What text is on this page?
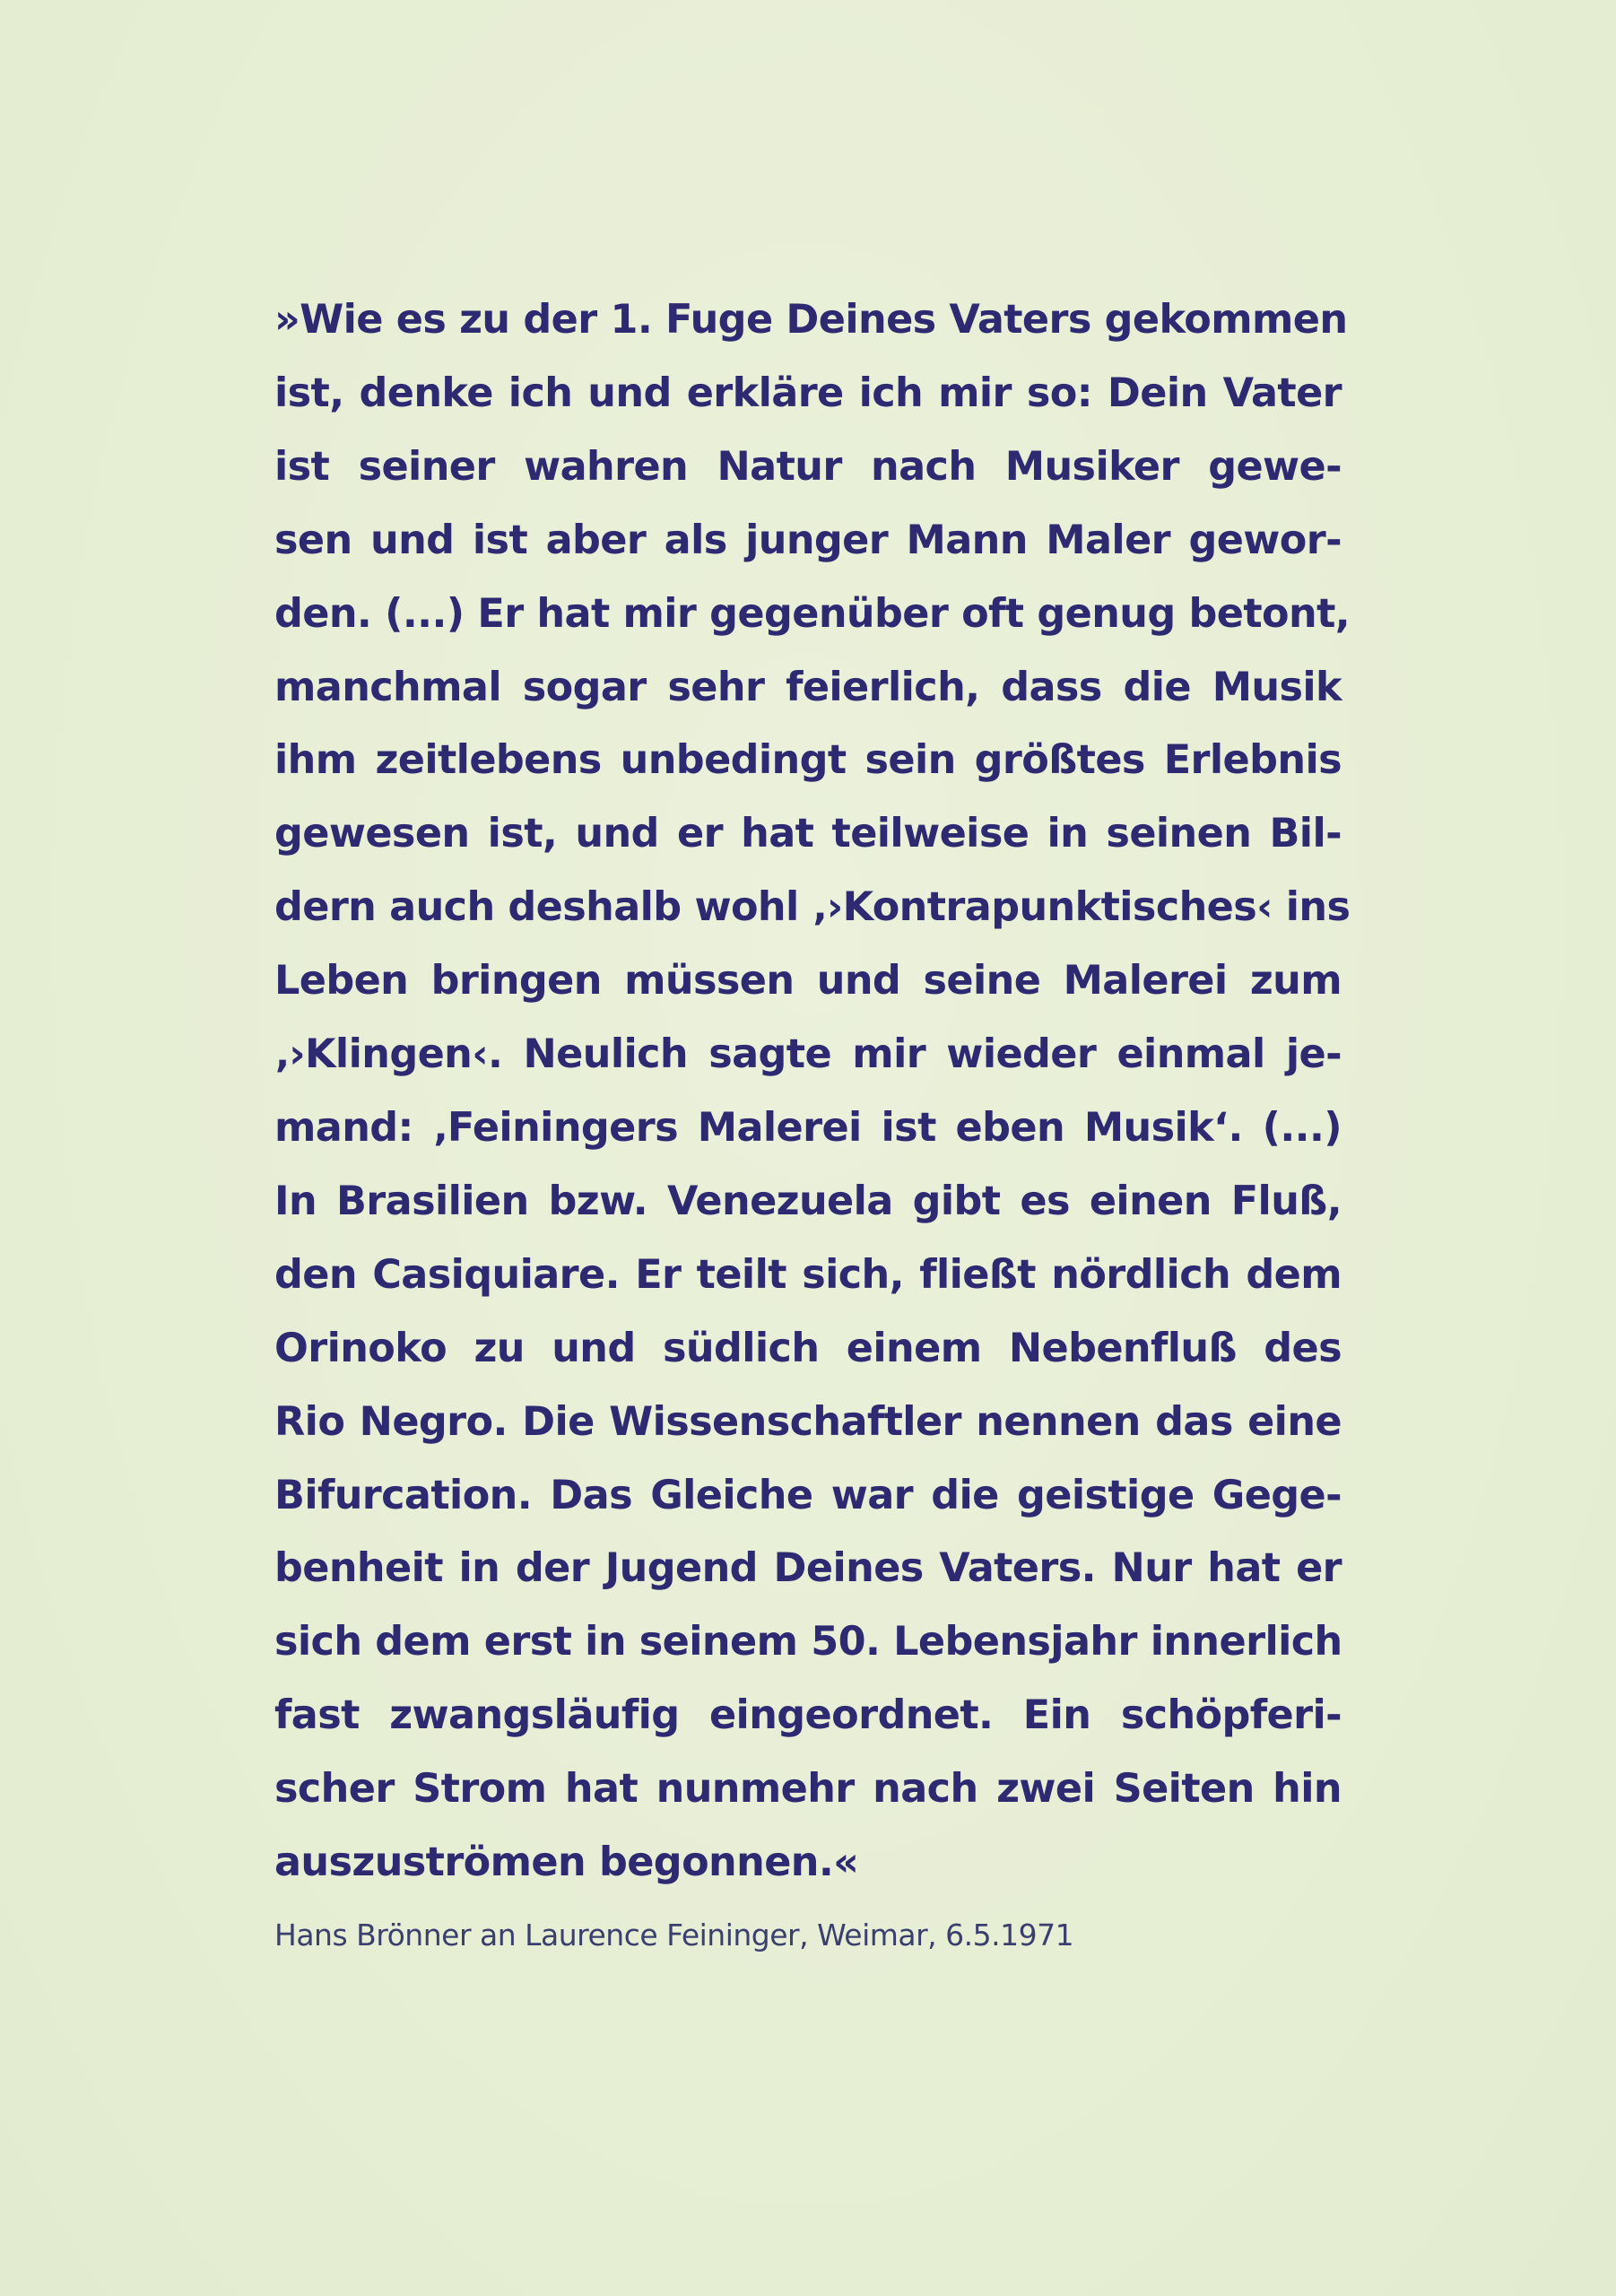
»Wie es zu der 1. Fuge Deines Vaters gekommen
ist, denke ich und erkläre ich mir so: Dein Vater
ist seiner wahren Natur nach Musiker gewe-
sen und ist aber als junger Mann Maler gewor-
den. (...) Er hat mir gegenüber oft genug betont,
manchmal sogar sehr feierlich, dass die Musik
ihm zeitlebens unbedingt sein größtes Erlebnis
gewesen ist, und er hat teilweise in seinen Bil-
dern auch deshalb wohl ‚›Kontrapunktisches‹ ins
Leben bringen müssen und seine Malerei zum
‚›Klingen‹. Neulich sagte mir wieder einmal je-
mand: ‚Feiningers Malerei ist eben Musik‘. (...)
In Brasilien bzw. Venezuela gibt es einen Fluß,
den Casiquiare. Er teilt sich, fließt nördlich dem
Orinoko zu und südlich einem Nebenfluß des
Rio Negro. Die Wissenschaftler nennen das eine
Bifurcation. Das Gleiche war die geistige Gege-
benheit in der Jugend Deines Vaters. Nur hat er
sich dem erst in seinem 50. Lebensjahr innerlich
fast zwangsläufig eingeordnet. Ein schöpferi-
scher Strom hat nunmehr nach zwei Seiten hin
auszuströmen begonnen.«

Hans Brönner an Laurence Feininger, Weimar, 6.5.1971
